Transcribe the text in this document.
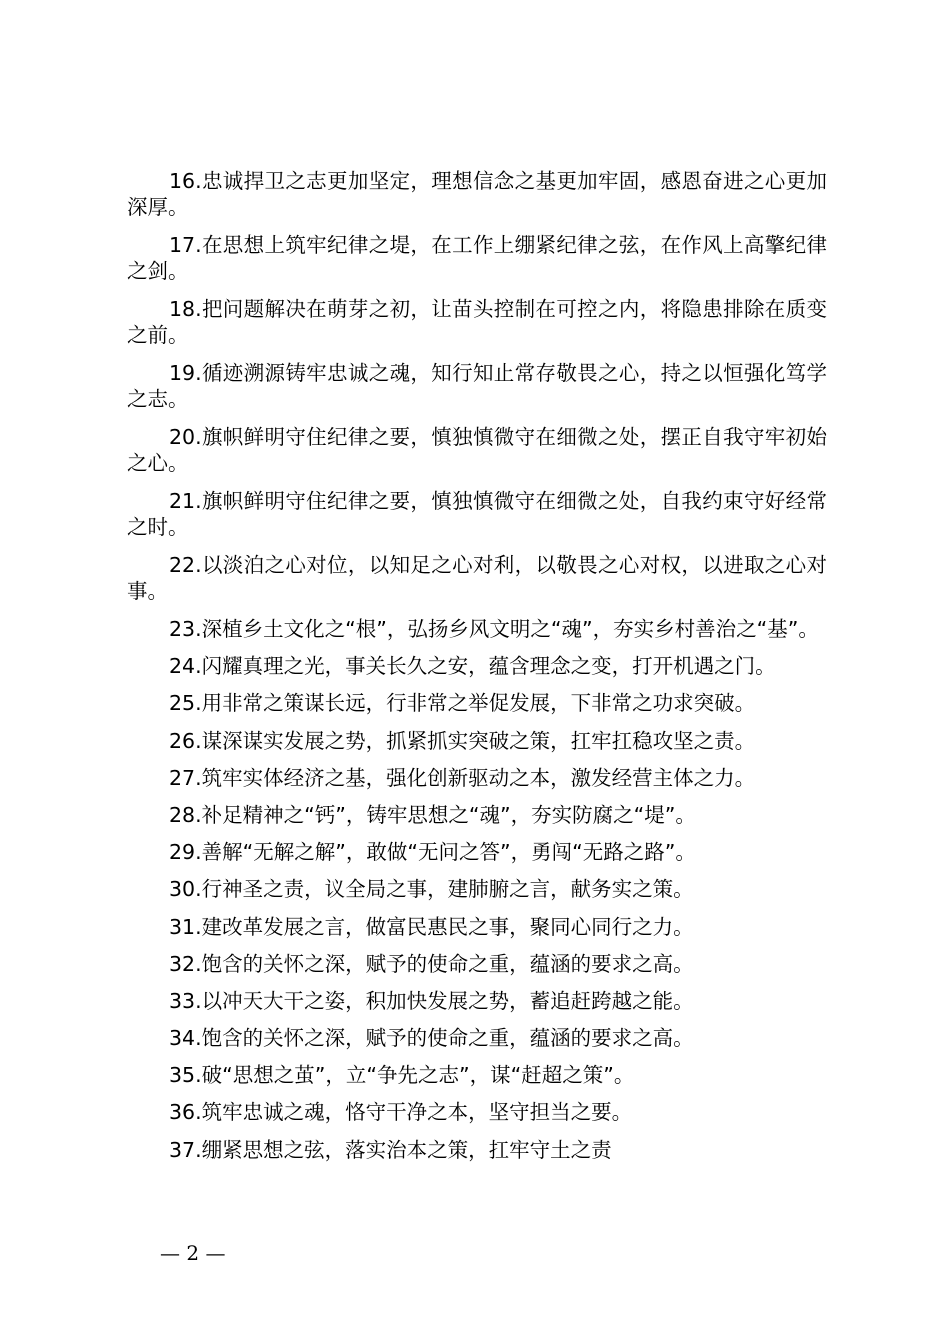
16.忠诚捍卫之志更加坚定，理想信念之基更加牢固，感恩奋进之心更加深厚。

17.在思想上筑牢纪律之堤，在工作上绷紧纪律之弦，在作风上高擎纪律之剑。

18.把问题解决在萌芽之初，让苗头控制在可控之内，将隐患排除在质变之前。

19.循迹溯源铸牢忠诚之魂，知行知止常存敬畏之心，持之以恒强化笃学之志。

20.旗帜鲜明守住纪律之要，慎独慎微守在细微之处，摆正自我守牢初始之心。

21.旗帜鲜明守住纪律之要，慎独慎微守在细微之处，自我约束守好经常之时。

22.以淡泊之心对位，以知足之心对利，以敬畏之心对权，以进取之心对事。

23.深植乡土文化之“根”，弘扬乡风文明之“魂”，夯实乡村善治之“基”。

24.闪耀真理之光，事关长久之安，蕴含理念之变，打开机遇之门。

25.用非常之策谋长远，行非常之举促发展，下非常之功求突破。

26.谋深谋实发展之势，抓紧抓实突破之策，扛牢扛稳攻坚之责。

27.筑牢实体经济之基，强化创新驱动之本，激发经营主体之力。

28.补足精神之“钙”，铸牢思想之“魂”，夯实防腐之“堤”。

29.善解“无解之解”，敢做“无问之答”，勇闯“无路之路”。

30.行神圣之责，议全局之事，建肺腑之言，献务实之策。

31.建改革发展之言，做富民惠民之事，聚同心同行之力。

32.饱含的关怀之深，赋予的使命之重，蕴涵的要求之高。

33.以冲天大干之姿，积加快发展之势，蓄追赶跨越之能。

34.饱含的关怀之深，赋予的使命之重，蕴涵的要求之高。

35.破“思想之茧”，立“争先之志”，谋“赶超之策”。

36.筑牢忠诚之魂，恪守干净之本，坚守担当之要。

37.绷紧思想之弦，落实治本之策，扛牢守土之责

— 2 —
